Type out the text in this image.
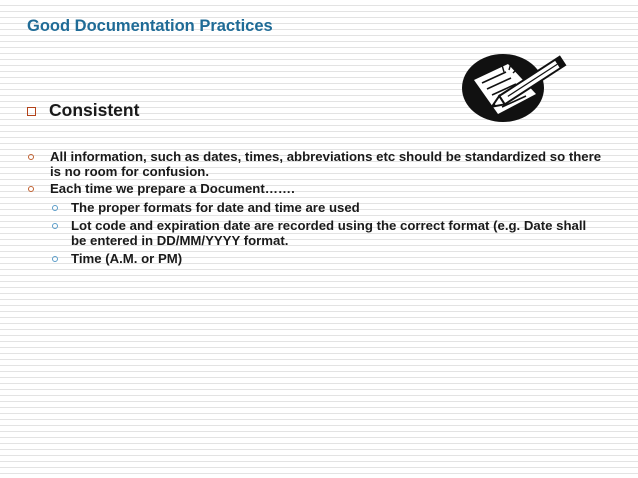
Good Documentation Practices
Consistent
All information, such as dates, times, abbreviations etc should be standardized so there is no room for confusion.
Each time we prepare a Document…….
The proper formats for date and time are used
Lot code and expiration date are recorded using the correct format (e.g. Date shall be entered in DD/MM/YYYY format.
Time (A.M. or PM)
